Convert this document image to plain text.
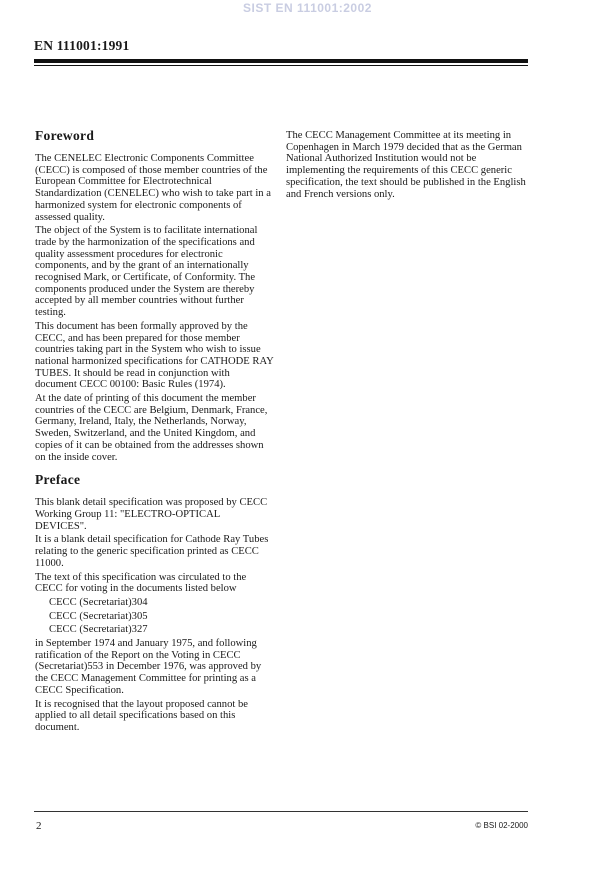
SIST EN 111001:2002
EN 111001:1991
Foreword

The CENELEC Electronic Components Committee (CECC) is composed of those member countries of the European Committee for Electrotechnical Standardization (CENELEC) who wish to take part in a harmonized system for electronic components of assessed quality.

The object of the System is to facilitate international trade by the harmonization of the specifications and quality assessment procedures for electronic components, and by the grant of an internationally recognised Mark, or Certificate, of Conformity. The components produced under the System are thereby accepted by all member countries without further testing.

This document has been formally approved by the CECC, and has been prepared for those member countries taking part in the System who wish to issue national harmonized specifications for CATHODE RAY TUBES. It should be read in conjunction with document CECC 00100: Basic Rules (1974).

At the date of printing of this document the member countries of the CECC are Belgium, Denmark, France, Germany, Ireland, Italy, the Netherlands, Norway, Sweden, Switzerland, and the United Kingdom, and copies of it can be obtained from the addresses shown on the inside cover.

Preface

This blank detail specification was proposed by CECC Working Group 11: "ELECTRO-OPTICAL DEVICES".

It is a blank detail specification for Cathode Ray Tubes relating to the generic specification printed as CECC 11000.

The text of this specification was circulated to the CECC for voting in the documents listed below

CECC (Secretariat)304

CECC (Secretariat)305

CECC (Secretariat)327

in September 1974 and January 1975, and following ratification of the Report on the Voting in CECC (Secretariat)553 in December 1976, was approved by the CECC Management Committee for printing as a CECC Specification.

It is recognised that the layout proposed cannot be applied to all detail specifications based on this document.

The CECC Management Committee at its meeting in Copenhagen in March 1979 decided that as the German National Authorized Institution would not be implementing the requirements of this CECC generic specification, the text should be published in the English and French versions only.

2	© BSI 02-2000
